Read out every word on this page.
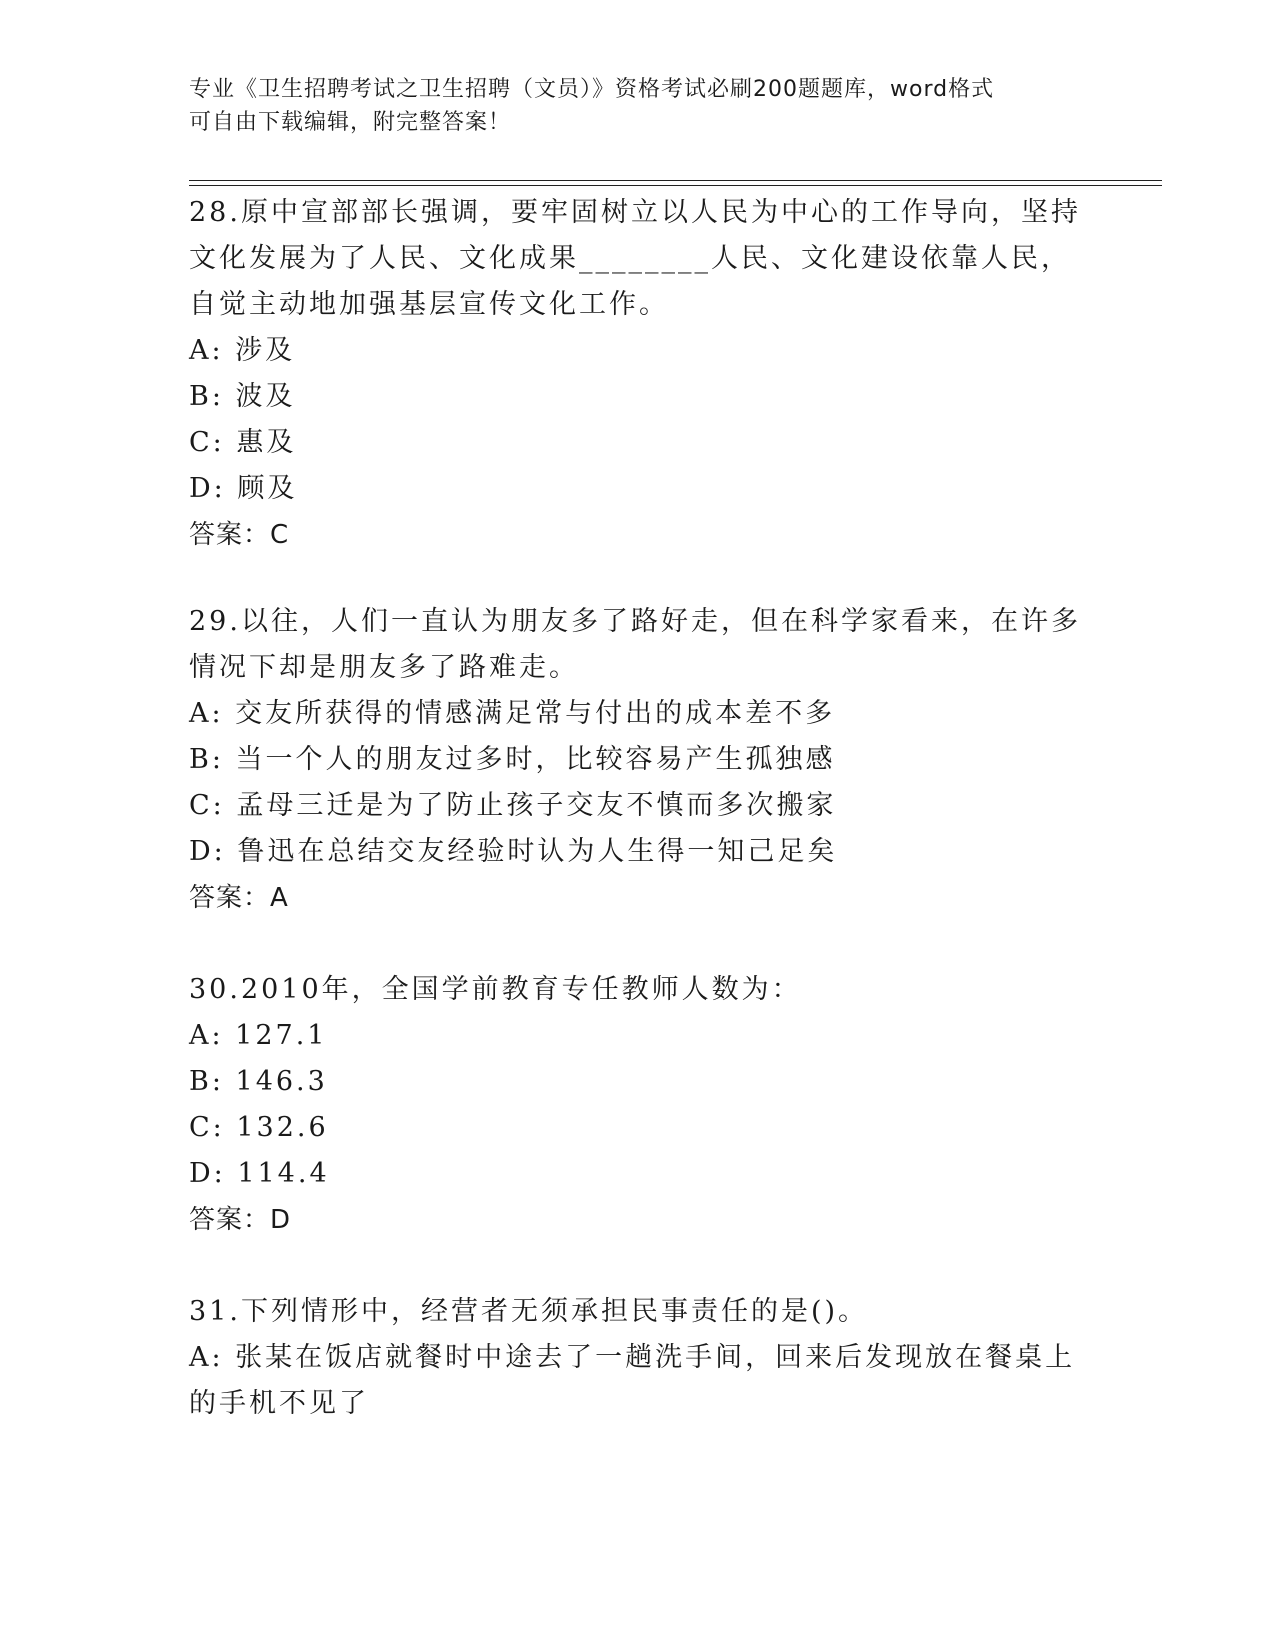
专业《卫生招聘考试之卫生招聘（文员）》资格考试必刷200题题库，word格式

可自由下载编辑，附完整答案！

28.原中宣部部长强调，要牢固树立以人民为中心的工作导向，坚持文化发展为了人民、文化成果________人民、文化建设依靠人民，自觉主动地加强基层宣传文化工作。

A: 涉及

B: 波及

C: 惠及

D: 顾及

答案：C

29.以往，人们一直认为朋友多了路好走，但在科学家看来，在许多情况下却是朋友多了路难走。

A: 交友所获得的情感满足常与付出的成本差不多

B: 当一个人的朋友过多时，比较容易产生孤独感

C: 孟母三迁是为了防止孩子交友不慎而多次搬家

D: 鲁迅在总结交友经验时认为人生得一知己足矣

答案：A

30.2010年，全国学前教育专任教师人数为：

A: 127.1

B: 146.3

C: 132.6

D: 114.4

答案：D

31.下列情形中，经营者无须承担民事责任的是()。

A: 张某在饭店就餐时中途去了一趟洗手间，回来后发现放在餐桌上的手机不见了
